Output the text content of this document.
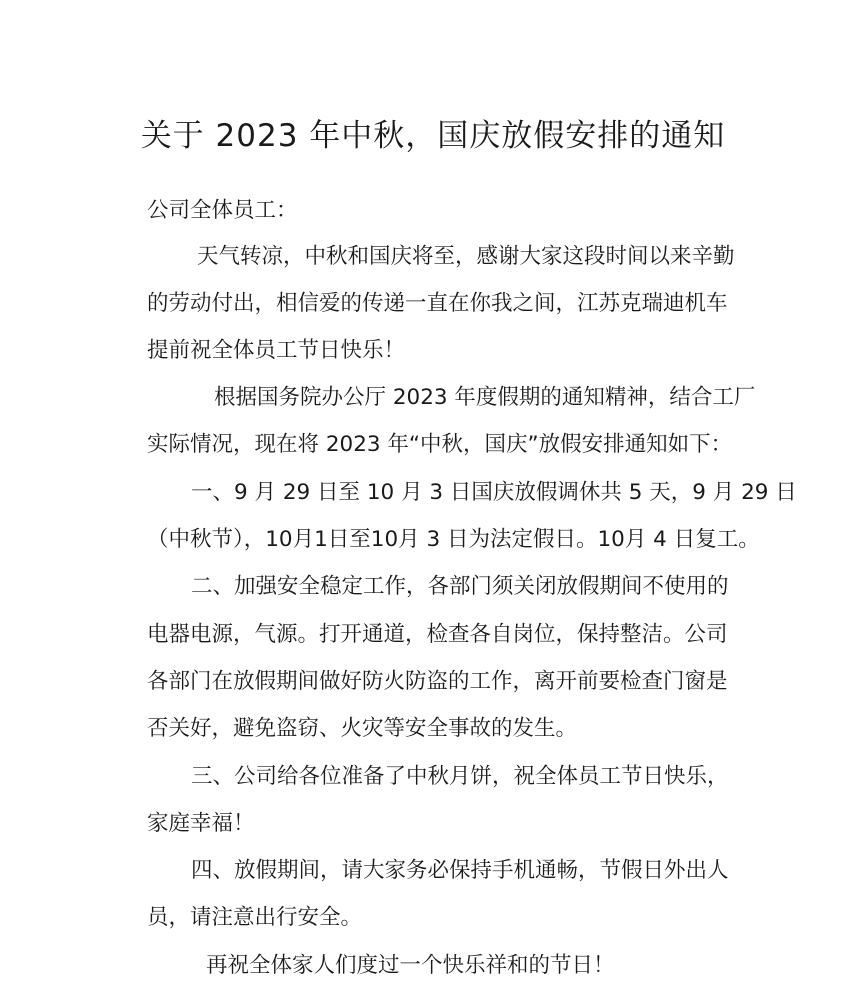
关于 2023 年中秋，国庆放假安排的通知
公司全体员工：
天气转凉，中秋和国庆将至，感谢大家这段时间以来辛勤
的劳动付出，相信爱的传递一直在你我之间，江苏克瑞迪机车
提前祝全体员工节日快乐！
根据国务院办公厅 2023 年度假期的通知精神，结合工厂
实际情况，现在将 2023 年“中秋，国庆”放假安排通知如下：
一、9 月 29 日至 10 月 3 日国庆放假调休共 5 天，9 月 29 日
（中秋节），10月1日至10月 3 日为法定假日。10月 4 日复工。
二、加强安全稳定工作，各部门须关闭放假期间不使用的
电器电源，气源。打开通道，检查各自岗位，保持整洁。公司
各部门在放假期间做好防火防盗的工作，离开前要检查门窗是
否关好，避免盗窃、火灾等安全事故的发生。
三、公司给各位准备了中秋月饼，祝全体员工节日快乐，
家庭幸福！
四、放假期间，请大家务必保持手机通畅，节假日外出人
员，请注意出行安全。
再祝全体家人们度过一个快乐祥和的节日！
